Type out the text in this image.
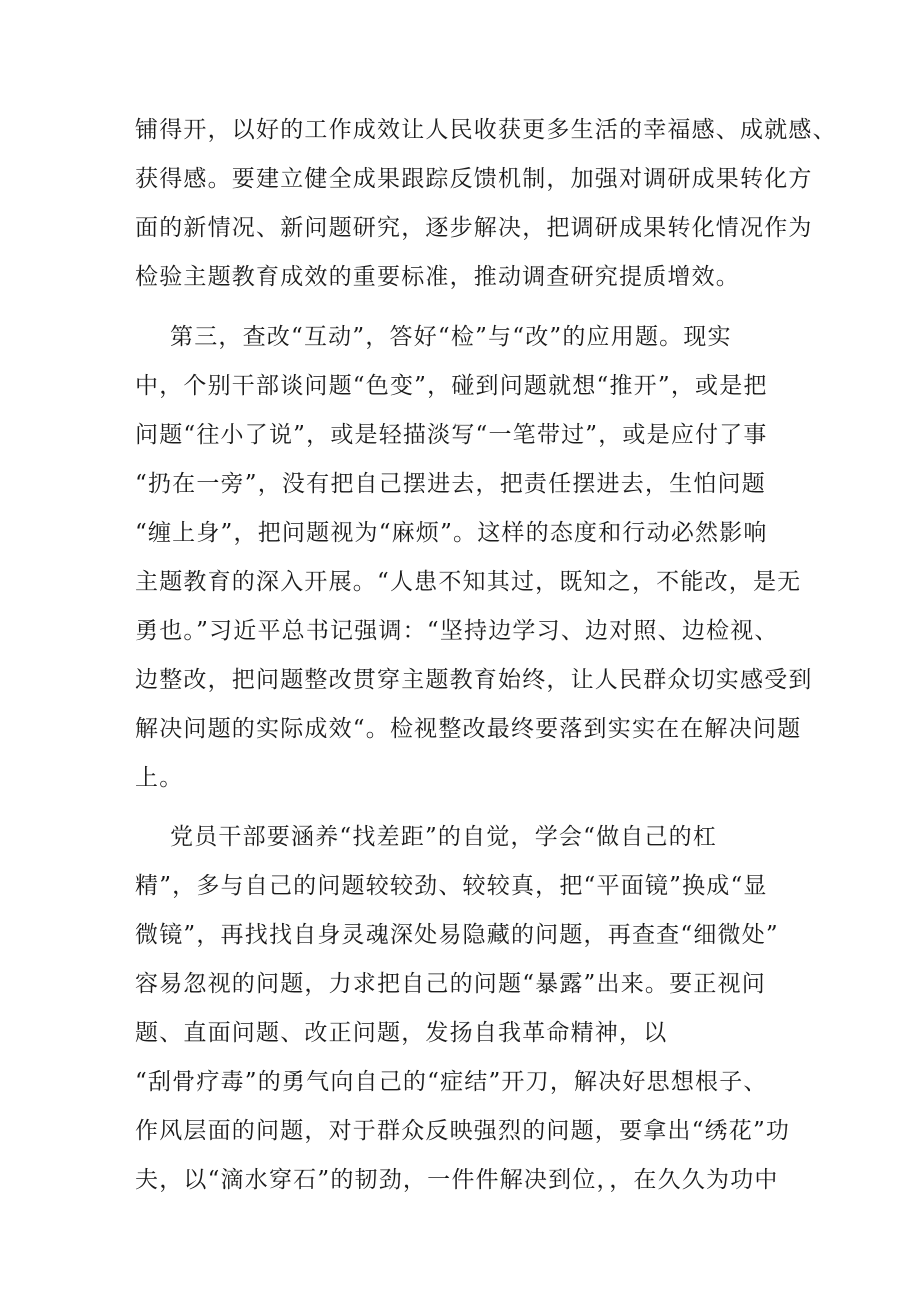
铺得开，以好的工作成效让人民收获更多生活的幸福感、成就感、
获得感。要建立健全成果跟踪反馈机制，加强对调研成果转化方
面的新情况、新问题研究，逐步解决，把调研成果转化情况作为
检验主题教育成效的重要标准，推动调查研究提质增效。
第三，查改“互动”，答好“检”与“改”的应用题。现实
中，个别干部谈问题“色变”，碰到问题就想“推开”，或是把
问题“往小了说”，或是轻描淡写“一笔带过”，或是应付了事
“扔在一旁”，没有把自己摆进去，把责任摆进去，生怕问题
“缠上身”，把问题视为“麻烦”。这样的态度和行动必然影响
主题教育的深入开展。“人患不知其过，既知之，不能改，是无
勇也。”习近平总书记强调：“坚持边学习、边对照、边检视、
边整改，把问题整改贯穿主题教育始终，让人民群众切实感受到
解决问题的实际成效“。检视整改最终要落到实实在在解决问题
上。
党员干部要涵养“找差距”的自觉，学会“做自己的杠
精”，多与自己的问题较较劲、较较真，把“平面镜”换成“显
微镜”，再找找自身灵魂深处易隐藏的问题，再查查“细微处”
容易忽视的问题，力求把自己的问题“暴露”出来。要正视问
题、直面问题、改正问题，发扬自我革命精神，以
“刮骨疗毒”的勇气向自己的“症结”开刀，解决好思想根子、
作风层面的问题，对于群众反映强烈的问题，要拿出“绣花”功
夫，以“滴水穿石”的韧劲，一件件解决到位，，在久久为功中
